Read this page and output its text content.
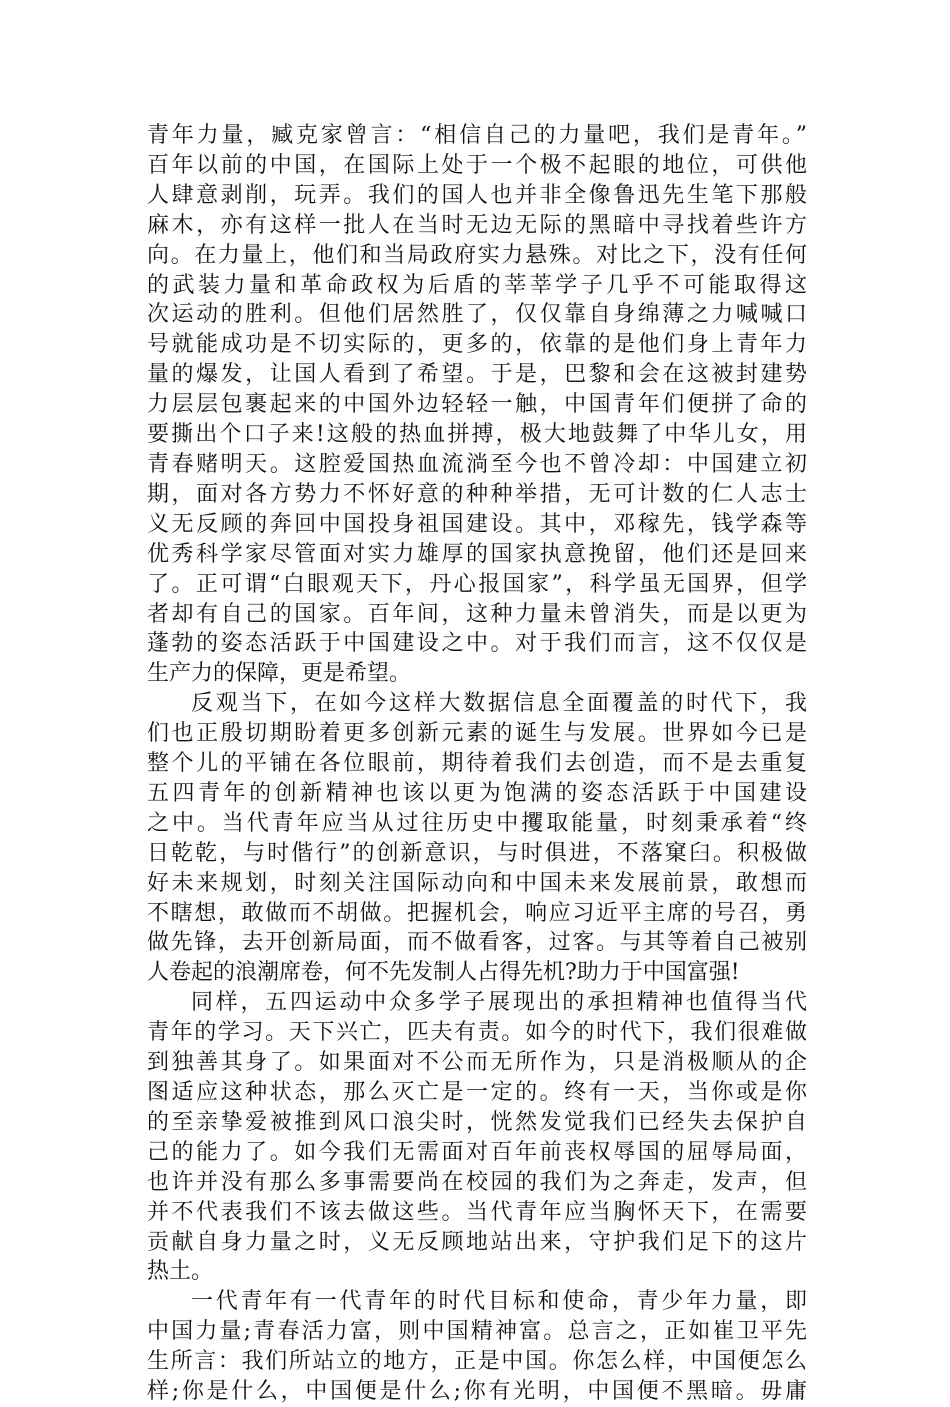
青年力量，臧克家曾言：“相信自己的力量吧，我们是青年。”
百年以前的中国，在国际上处于一个极不起眼的地位，可供他
人肆意剥削，玩弄。我们的国人也并非全像鲁迅先生笔下那般
麻木，亦有这样一批人在当时无边无际的黑暗中寻找着些许方
向。在力量上，他们和当局政府实力悬殊。对比之下，没有任何
的武装力量和革命政权为后盾的莘莘学子几乎不可能取得这
次运动的胜利。但他们居然胜了，仅仅靠自身绵薄之力喊喊口
号就能成功是不切实际的，更多的，依靠的是他们身上青年力
量的爆发，让国人看到了希望。于是，巴黎和会在这被封建势
力层层包裹起来的中国外边轻轻一触，中国青年们便拼了命的
要撕出个口子来!这般的热血拼搏，极大地鼓舞了中华儿女，用
青春赌明天。这腔爱国热血流淌至今也不曾冷却：中国建立初
期，面对各方势力不怀好意的种种举措，无可计数的仁人志士
义无反顾的奔回中国投身祖国建设。其中，邓稼先，钱学森等
优秀科学家尽管面对实力雄厚的国家执意挽留，他们还是回来
了。正可谓“白眼观天下，丹心报国家”，科学虽无国界，但学
者却有自己的国家。百年间，这种力量未曾消失，而是以更为
蓬勃的姿态活跃于中国建设之中。对于我们而言，这不仅仅是
生产力的保障，更是希望。
反观当下，在如今这样大数据信息全面覆盖的时代下，我
们也正殷切期盼着更多创新元素的诞生与发展。世界如今已是
整个儿的平铺在各位眼前，期待着我们去创造，而不是去重复
五四青年的创新精神也该以更为饱满的姿态活跃于中国建设
之中。当代青年应当从过往历史中攫取能量，时刻秉承着“终
日乾乾，与时偕行”的创新意识，与时俱进，不落窠臼。积极做
好未来规划，时刻关注国际动向和中国未来发展前景，敢想而
不瞎想，敢做而不胡做。把握机会，响应习近平主席的号召，勇
做先锋，去开创新局面，而不做看客，过客。与其等着自己被别
人卷起的浪潮席卷，何不先发制人占得先机?助力于中国富强!
同样，五四运动中众多学子展现出的承担精神也值得当代
青年的学习。天下兴亡，匹夫有责。如今的时代下，我们很难做
到独善其身了。如果面对不公而无所作为，只是消极顺从的企
图适应这种状态，那么灭亡是一定的。终有一天，当你或是你
的至亲挚爱被推到风口浪尖时，恍然发觉我们已经失去保护自
己的能力了。如今我们无需面对百年前丧权辱国的屈辱局面，
也许并没有那么多事需要尚在校园的我们为之奔走，发声，但
并不代表我们不该去做这些。当代青年应当胸怀天下，在需要
贡献自身力量之时，义无反顾地站出来，守护我们足下的这片
热土。
一代青年有一代青年的时代目标和使命，青少年力量，即
中国力量;青春活力富，则中国精神富。总言之，正如崔卫平先
生所言：我们所站立的地方，正是中国。你怎么样，中国便怎么
样;你是什么，中国便是什么;你有光明，中国便不黑暗。毋庸
